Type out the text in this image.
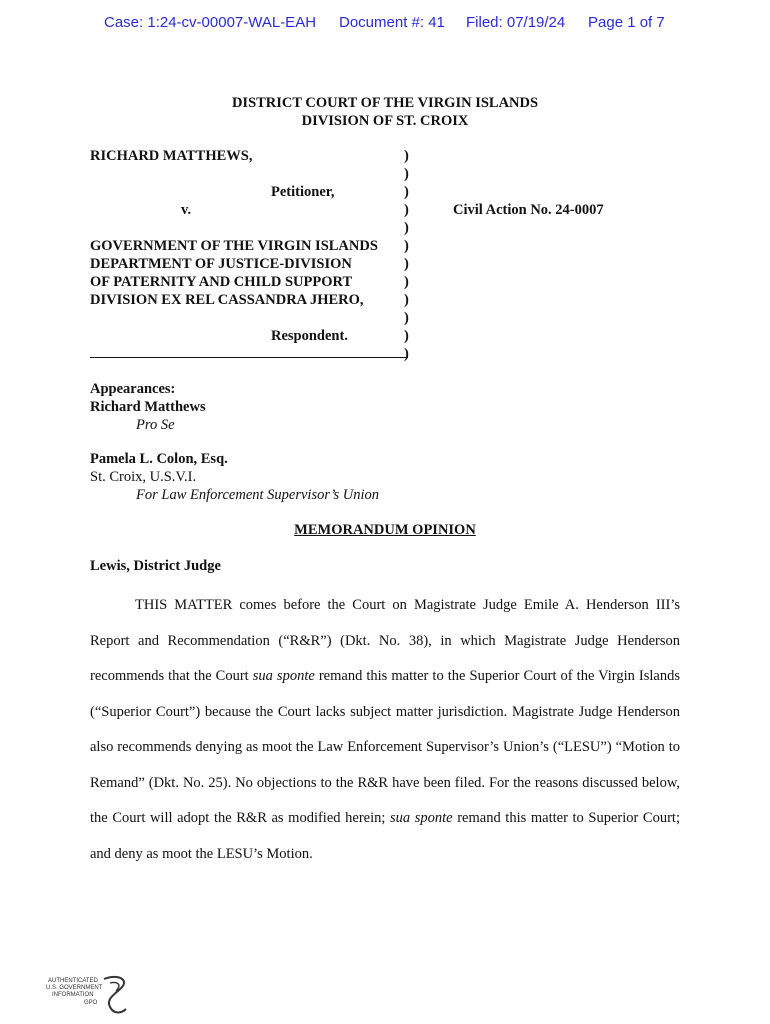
Case: 1:24-cv-00007-WAL-EAH Document #: 41 Filed: 07/19/24 Page 1 of 7
DISTRICT COURT OF THE VIRGIN ISLANDS
DIVISION OF ST. CROIX
RICHARD MATTHEWS,
Petitioner,
v.
GOVERNMENT OF THE VIRGIN ISLANDS
DEPARTMENT OF JUSTICE-DIVISION
OF PATERNITY AND CHILD SUPPORT
DIVISION EX REL CASSANDRA JHERO,
Respondent.
)
)
)
)
)
)
)
)
)
)
)
)
Civil Action No. 24-0007
Appearances:
Richard Matthews
Pro Se
Pamela L. Colon, Esq.
St. Croix, U.S.V.I.
For Law Enforcement Supervisor’s Union
MEMORANDUM OPINION
Lewis, District Judge

THIS MATTER comes before the Court on Magistrate Judge Emile A. Henderson III’s Report and Recommendation (“R&R”) (Dkt. No. 38), in which Magistrate Judge Henderson recommends that the Court sua sponte remand this matter to the Superior Court of the Virgin Islands (“Superior Court”) because the Court lacks subject matter jurisdiction. Magistrate Judge Henderson also recommends denying as moot the Law Enforcement Supervisor’s Union’s (“LESU”) “Motion to Remand” (Dkt. No. 25). No objections to the R&R have been filed. For the reasons discussed below, the Court will adopt the R&R as modified herein; sua sponte remand this matter to Superior Court; and deny as moot the LESU’s Motion.

AUTHENTICATED
U.S. GOVERNMENT
INFORMATION
GPO
